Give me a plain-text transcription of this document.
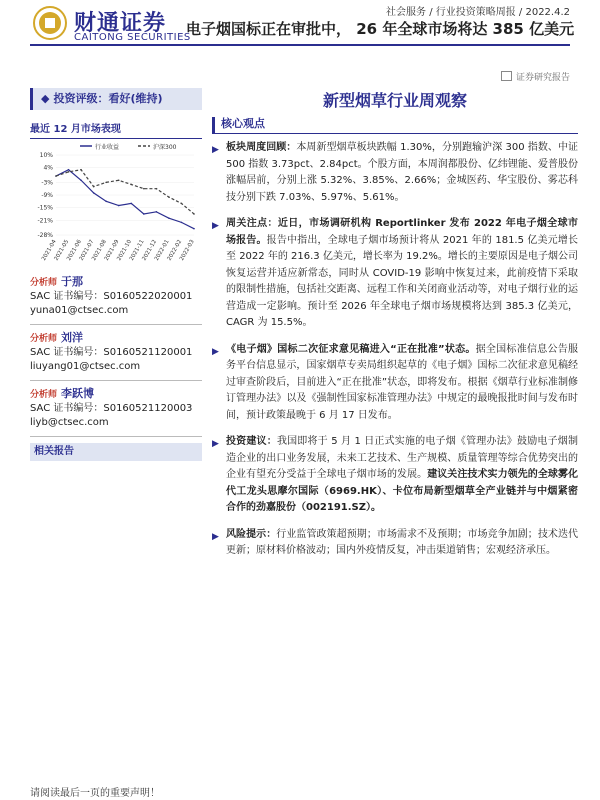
财通证券
CAITONG SECURITIES
社会服务 / 行业投资策略周报 / 2022.4.2
电子烟国标正在审批中， 26 年全球市场将达 385 亿美元
证券研究报告
◆ 投资评级：看好(维持)
最近 12 月市场表现
行业收益	沪深300
10%
4%
-3%
-9%
-15%
-21%
-28%
2021-04
2021-05
2021-06
2021-07
2021-08
2021-09
2021-10
2021-11
2021-12
2022-01
2022-02
2022-03
分析师 于那
SAC 证书编号：S0160522020001
yuna01@ctsec.com
分析师 刘洋
SAC 证书编号：S0160521120001
liuyang01@ctsec.com
分析师 李跃博
SAC 证书编号：S0160521120003
liyb@ctsec.com
相关报告
新型烟草行业周观察
核心观点
▶ 板块周度回顾：本周新型烟草板块跌幅 1.30%，分别跑输沪深 300 指数、中证 500 指数 3.73pct、2.84pct。个股方面，本周润都股份、亿纬锂能、爱普股份涨幅居前，分别上涨 5.32%、3.85%、2.66%；金城医药、华宝股份、雾芯科技分别下跌 7.03%、5.97%、5.61%。
▶ 周关注点：近日，市场调研机构 Reportlinker 发布 2022 年电子烟全球市场报告。报告中指出，全球电子烟市场预计将从 2021 年的 181.5 亿美元增长至 2022 年的 216.3 亿美元，增长率为 19.2%。增长的主要原因是电子烟公司恢复运营并适应新常态，同时从 COVID-19 影响中恢复过来，此前疫情下采取的限制性措施，包括社交距离、远程工作和关闭商业活动等，对电子烟行业的运营造成一定影响。预计至 2026 年全球电子烟市场规模将达到 385.3 亿美元，CAGR 为 15.5%。
▶ 《电子烟》国标二次征求意见稿进入“正在批准”状态。据全国标准信息公告服务平台信息显示，国家烟草专卖局组织起草的《电子烟》国标二次征求意见稿经过审查阶段后，目前进入“正在批准”状态，即将发布。根据《烟草行业标准制修订管理办法》以及《强制性国家标准管理办法》中规定的最晚报批时间与发布时间，预计政策最晚于 6 月 17 日发布。
▶ 投资建议：我国即将于 5 月 1 日正式实施的电子烟《管理办法》鼓励电子烟制造企业的出口业务发展，未来工艺技术、生产规模、质量管理等综合优势突出的企业有望充分受益于全球电子烟市场的发展。建议关注技术实力领先的全球雾化代工龙头思摩尔国际（6969.HK）、卡位布局新型烟草全产业链并与中烟紧密合作的劲嘉股份（002191.SZ）。
▶ 风险提示：行业监管政策超预期；市场需求不及预期；市场竞争加剧；技术迭代更新；原材料价格波动；国内外疫情反复，冲击渠道销售；宏观经济承压。
请阅读最后一页的重要声明！
